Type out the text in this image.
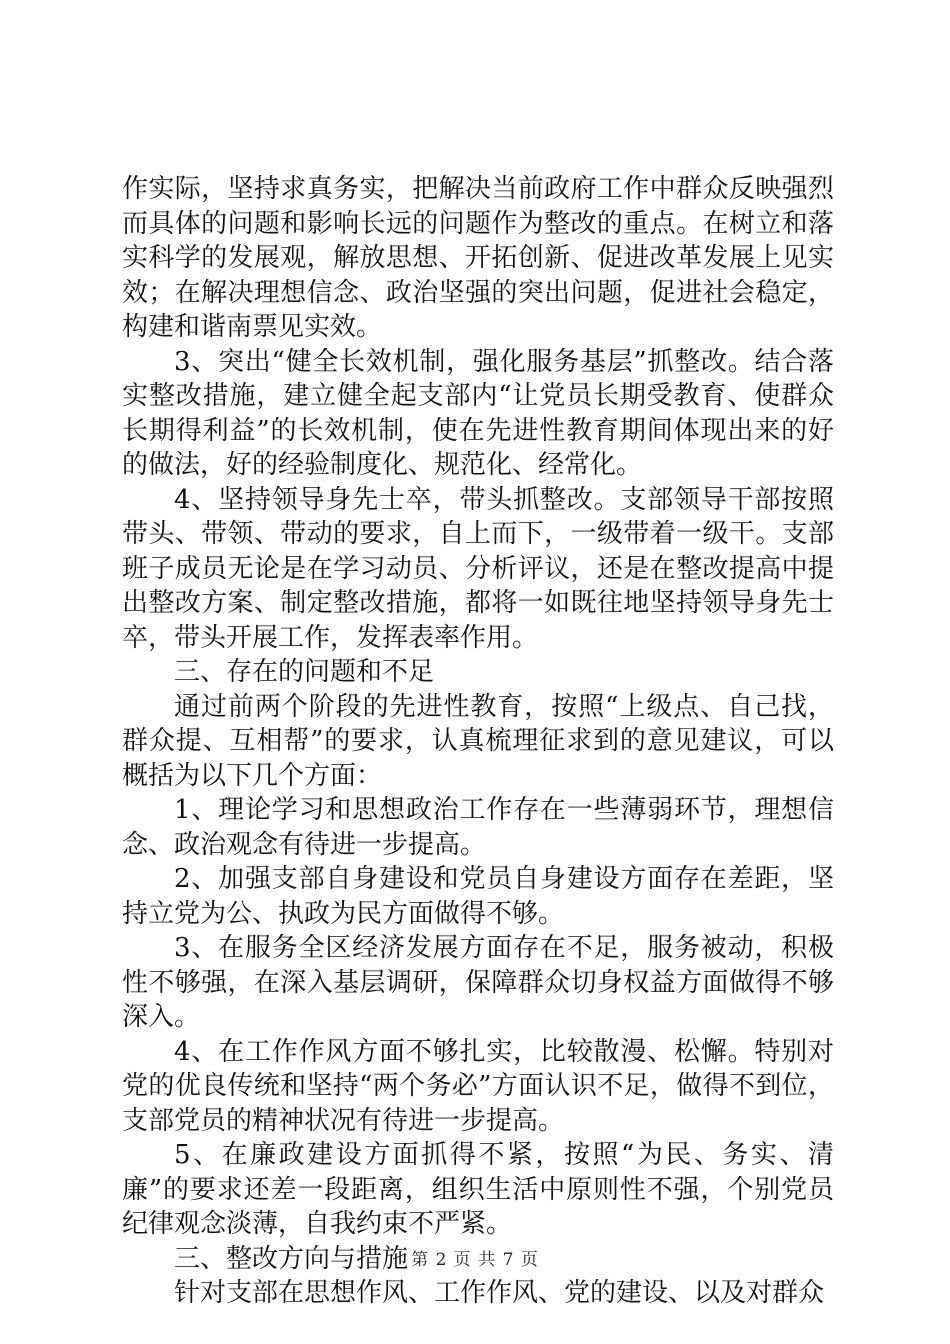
作实际，坚持求真务实，把解决当前政府工作中群众反映强烈而具体的问题和影响长远的问题作为整改的重点。在树立和落实科学的发展观，解放思想、开拓创新、促进改革发展上见实效；在解决理想信念、政治坚强的突出问题，促进社会稳定，构建和谐南票见实效。

3、突出“健全长效机制，强化服务基层”抓整改。结合落实整改措施，建立健全起支部内“让党员长期受教育、使群众长期得利益”的长效机制，使在先进性教育期间体现出来的好的做法，好的经验制度化、规范化、经常化。

4、坚持领导身先士卒，带头抓整改。支部领导干部按照带头、带领、带动的要求，自上而下，一级带着一级干。支部班子成员无论是在学习动员、分析评议，还是在整改提高中提出整改方案、制定整改措施，都将一如既往地坚持领导身先士卒，带头开展工作，发挥表率作用。

三、存在的问题和不足

通过前两个阶段的先进性教育，按照“上级点、自己找，群众提、互相帮”的要求，认真梳理征求到的意见建议，可以概括为以下几个方面：

1、理论学习和思想政治工作存在一些薄弱环节，理想信念、政治观念有待进一步提高。

2、加强支部自身建设和党员自身建设方面存在差距，坚持立党为公、执政为民方面做得不够。

3、在服务全区经济发展方面存在不足，服务被动，积极性不够强，在深入基层调研，保障群众切身权益方面做得不够深入。

4、在工作作风方面不够扎实，比较散漫、松懈。特别对党的优良传统和坚持“两个务必”方面认识不足，做得不到位，支部党员的精神状况有待进一步提高。

5、在廉政建设方面抓得不紧，按照“为民、务实、清廉”的要求还差一段距离，组织生活中原则性不强，个别党员纪律观念淡薄，自我约束不严紧。

三、整改方向与措施

针对支部在思想作风、工作作风、党的建设、以及对群众

第 2 页 共 7 页
